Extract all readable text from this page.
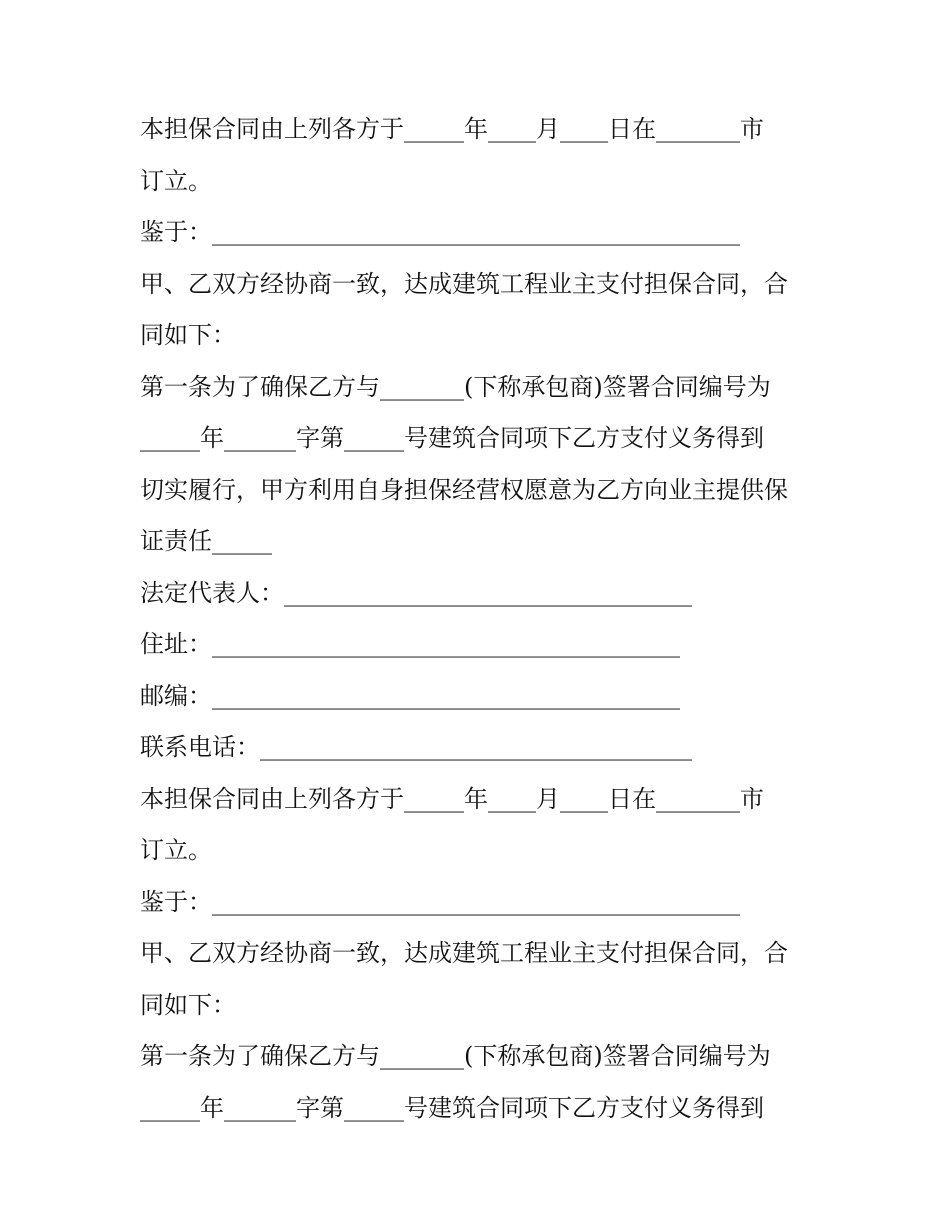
本担保合同由上列各方于_____年____月____日在_______市

订立。

鉴于：____________________________________________

甲、乙双方经协商一致，达成建筑工程业主支付担保合同，合

同如下：

第一条为了确保乙方与_______(下称承包商)签署合同编号为

_____年______字第_____号建筑合同项下乙方支付义务得到

切实履行，甲方利用自身担保经营权愿意为乙方向业主提供保

证责任_____

法定代表人：__________________________________

住址：_______________________________________

邮编：_______________________________________

联系电话：____________________________________

本担保合同由上列各方于_____年____月____日在_______市

订立。

鉴于：____________________________________________

甲、乙双方经协商一致，达成建筑工程业主支付担保合同，合

同如下：

第一条为了确保乙方与_______(下称承包商)签署合同编号为

_____年______字第_____号建筑合同项下乙方支付义务得到
